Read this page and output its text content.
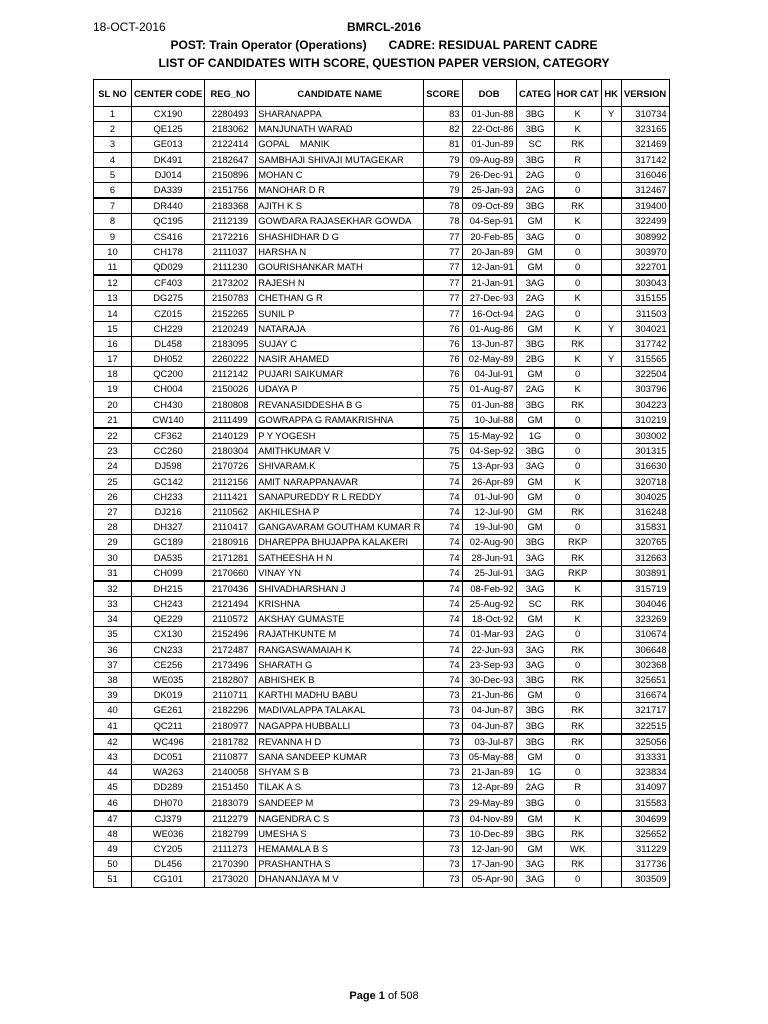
18-OCT-2016	BMRCL-2016
POST: Train Operator (Operations) CADRE: RESIDUAL PARENT CADRE
LIST OF CANDIDATES WITH SCORE, QUESTION PAPER VERSION, CATEGORY
SL NO	CENTER CODE	REG_NO	CANDIDATE NAME	SCORE	DOB	CATEG	HOR CAT	HK	VERSION
1	CX190	2280493	SHARANAPPA	83	01-Jun-88	3BG	K	Y	310734
2	QE125	2183062	MANJUNATH WARAD	82	22-Oct-86	3BG	K		323165
3	GE013	2122414	GOPAL    MANIK	81	01-Jun-89	SC	RK		321469
4	DK491	2182647	SAMBHAJI SHIVAJI MUTAGEKAR	79	09-Aug-89	3BG	R		317142
5	DJ014	2150896	MOHAN C	79	26-Dec-91	2AG	0		316046
6	DA339	2151756	MANOHAR D R	79	25-Jan-93	2AG	0		312467
7	DR440	2183368	AJITH K S	78	09-Oct-89	3BG	RK		319400
8	QC195	2112139	GOWDARA RAJASEKHAR GOWDA	78	04-Sep-91	GM	K		322499
9	CS416	2172216	SHASHIDHAR D G	77	20-Feb-85	3AG	0		308992
10	CH178	2111037	HARSHA N	77	20-Jan-89	GM	0		303970
11	QD029	2111230	GOURISHANKAR MATH	77	12-Jan-91	GM	0		322701
12	CF403	2173202	RAJESH N	77	21-Jan-91	3AG	0		303043
13	DG275	2150783	CHETHAN G R	77	27-Dec-93	2AG	K		315155
14	CZ015	2152265	SUNIL P	77	16-Oct-94	2AG	0		311503
15	CH229	2120249	NATARAJA	76	01-Aug-86	GM	K	Y	304021
16	DL458	2183095	SUJAY C	76	13-Jun-87	3BG	RK		317742
17	DH052	2260222	NASIR AHAMED	76	02-May-89	2BG	K	Y	315565
18	QC200	2112142	PUJARI SAIKUMAR	76	04-Jul-91	GM	0		322504
19	CH004	2150026	UDAYA P	75	01-Aug-87	2AG	K		303796
20	CH430	2180808	REVANASIDDESHA B G	75	01-Jun-88	3BG	RK		304223
21	CW140	2111499	GOWRAPPA G RAMAKRISHNA	75	10-Jul-88	GM	0		310219
22	CF362	2140129	P Y YOGESH	75	15-May-92	1G	0		303002
23	CC260	2180304	AMITHKUMAR V	75	04-Sep-92	3BG	0		301315
24	DJ598	2170726	SHIVARAM.K	75	13-Apr-93	3AG	0		316630
25	GC142	2112156	AMIT NARAPPANAVAR	74	26-Apr-89	GM	K		320718
26	CH233	2111421	SANAPUREDDY R L REDDY	74	01-Jul-90	GM	0		304025
27	DJ216	2110562	AKHILESHA P	74	12-Jul-90	GM	RK		316248
28	DH327	2110417	GANGAVARAM GOUTHAM KUMAR R	74	19-Jul-90	GM	0		315831
29	GC189	2180916	DHAREPPA BHUJAPPA KALAKERI	74	02-Aug-90	3BG	RKP		320765
30	DA535	2171281	SATHEESHA H N	74	28-Jun-91	3AG	RK		312663
31	CH099	2170660	VINAY YN	74	25-Jul-91	3AG	RKP		303891
32	DH215	2170436	SHIVADHARSHAN J	74	08-Feb-92	3AG	K		315719
33	CH243	2121494	KRISHNA	74	25-Aug-92	SC	RK		304046
34	QE229	2110572	AKSHAY GUMASTE	74	18-Oct-92	GM	K		323269
35	CX130	2152496	RAJATHKUNTE M	74	01-Mar-93	2AG	0		310674
36	CN233	2172487	RANGASWAMAIAH K	74	22-Jun-93	3AG	RK		306648
37	CE256	2173496	SHARATH G	74	23-Sep-93	3AG	0		302368
38	WE035	2182807	ABHISHEK B	74	30-Dec-93	3BG	RK		325651
39	DK019	2110711	KARTHI MADHU BABU	73	21-Jun-86	GM	0		316674
40	GE261	2182296	MADIVALAPPA TALAKAL	73	04-Jun-87	3BG	RK		321717
41	QC211	2180977	NAGAPPA HUBBALLI	73	04-Jun-87	3BG	RK		322515
42	WC496	2181782	REVANNA H D	73	03-Jul-87	3BG	RK		325056
43	DC051	2110877	SANA SANDEEP KUMAR	73	05-May-88	GM	0		313331
44	WA263	2140058	SHYAM S B	73	21-Jan-89	1G	0		323834
45	DD289	2151450	TILAK A S	73	12-Apr-89	2AG	R		314097
46	DH070	2183079	SANDEEP M	73	29-May-89	3BG	0		315583
47	CJ379	2112279	NAGENDRA C S	73	04-Nov-89	GM	K		304699
48	WE036	2182799	UMESHA S	73	10-Dec-89	3BG	RK		325652
49	CY205	2111273	HEMAMALA B S	73	12-Jan-90	GM	WK		311229
50	DL456	2170390	PRASHANTHA S	73	17-Jan-90	3AG	RK		317736
51	CG101	2173020	DHANANJAYA M V	73	05-Apr-90	3AG	0		303509
Page 1 of 508
